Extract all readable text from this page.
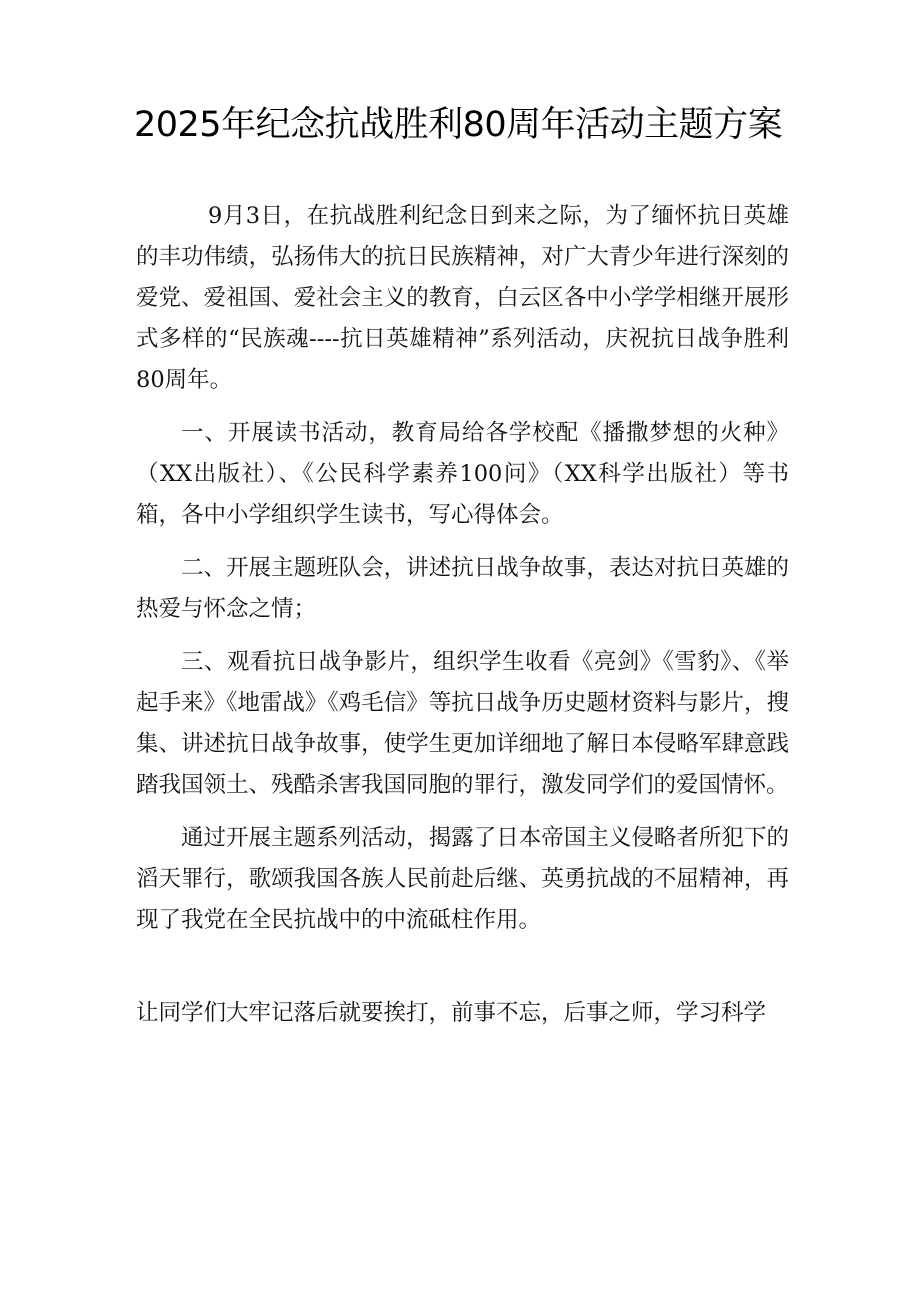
2025年纪念抗战胜利80周年活动主题方案

9月3日，在抗战胜利纪念日到来之际，为了缅怀抗日英雄的丰功伟绩，弘扬伟大的抗日民族精神，对广大青少年进行深刻的爱党、爱祖国、爱社会主义的教育，白云区各中小学学相继开展形式多样的“民族魂----抗日英雄精神”系列活动，庆祝抗日战争胜利80周年。

一、开展读书活动，教育局给各学校配《播撒梦想的火种》（XX出版社）、《公民科学素养100问》（XX科学出版社）等书箱，各中小学组织学生读书，写心得体会。

二、开展主题班队会，讲述抗日战争故事，表达对抗日英雄的热爱与怀念之情；

三、观看抗日战争影片，组织学生收看《亮剑》《雪豹》、《举起手来》《地雷战》《鸡毛信》等抗日战争历史题材资料与影片，搜集、讲述抗日战争故事，使学生更加详细地了解日本侵略军肆意践踏我国领土、残酷杀害我国同胞的罪行，激发同学们的爱国情怀。

通过开展主题系列活动，揭露了日本帝国主义侵略者所犯下的滔天罪行，歌颂我国各族人民前赴后继、英勇抗战的不屈精神，再现了我党在全民抗战中的中流砥柱作用。

让同学们大牢记落后就要挨打，前事不忘，后事之师，学习科学
